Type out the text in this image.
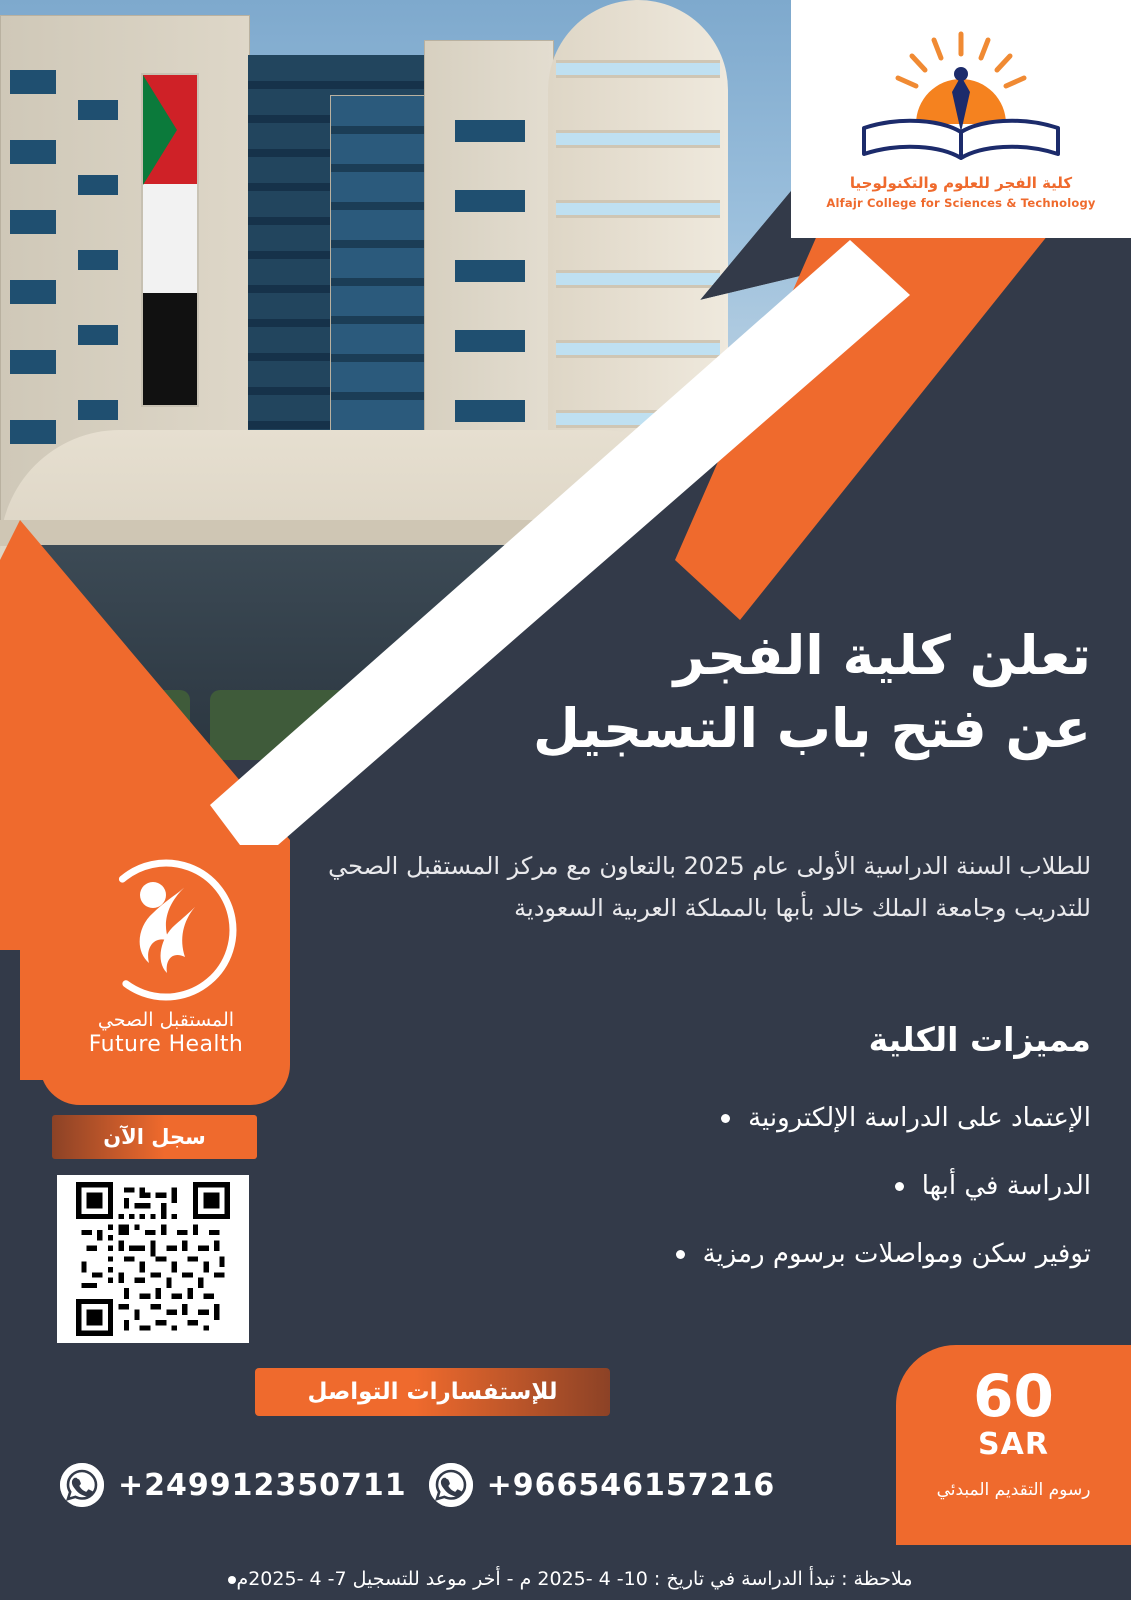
كلية الفجر للعلوم والتكنولوجيا
Alfajr College for Sciences & Technology
تعلن كلية الفجر
عن فتح باب التسجيل
للطلاب السنة الدراسية الأولى عام 2025 بالتعاون مع مركز المستقبل الصحي للتدريب وجامعة الملك خالد بأبها بالمملكة العربية السعودية
مميزات الكلية
الإعتماد على الدراسة الإلكترونية
الدراسة في أبها
توفير سكن ومواصلات برسوم رمزية
المستقبل الصحي
Future Health
سجل الآن
للإستفسارات التواصل
+249912350711	+966546157216
60
SAR
رسوم التقديم المبدئي
ملاحظة : تبدأ الدراسة في تاريخ : 10- 4 -2025 م - أخر موعد للتسجيل 7- 4 -2025م
